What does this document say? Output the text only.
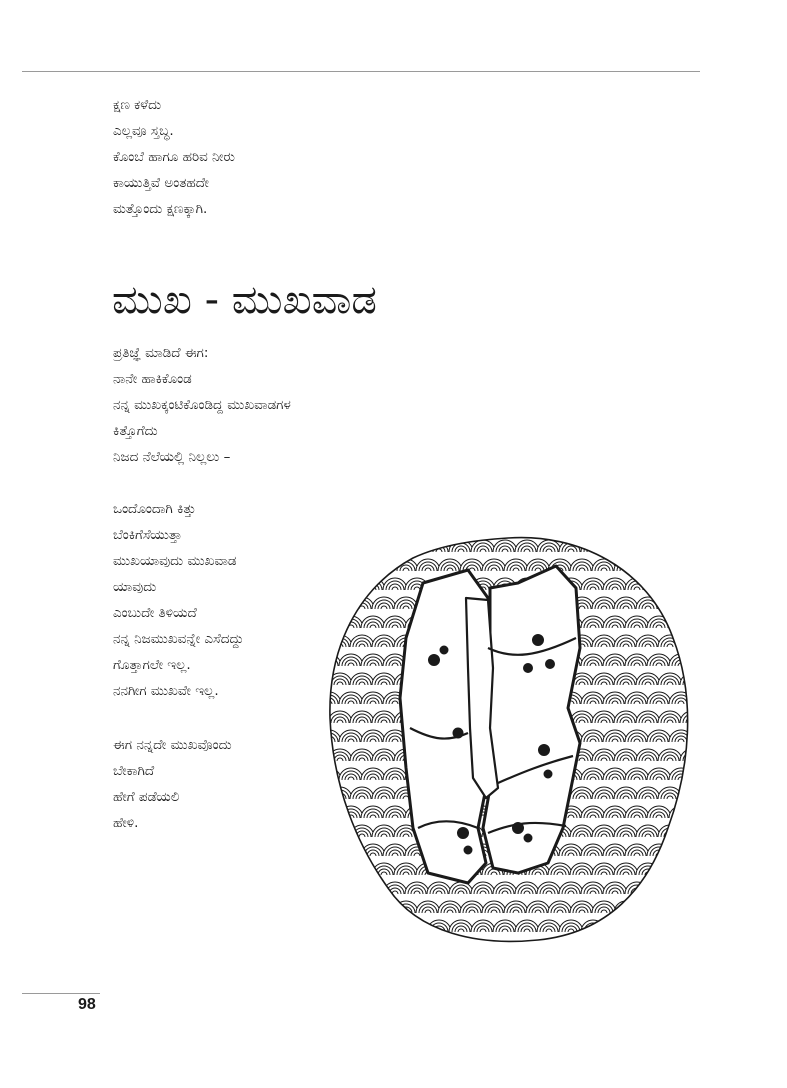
ಕ್ಷಣ ಕಳೆದು
ಎಲ್ಲವೂ ಸ್ತಬ್ಧ.
ಕೊಂಬೆ ಹಾಗೂ ಹರಿವ ನೀರು
ಕಾಯುತ್ತಿವೆ ಅಂತಹದೇ
ಮತ್ತೊಂದು ಕ್ಷಣಕ್ಕಾಗಿ.
ಮುಖ - ಮುಖವಾಡ
ಪ್ರತಿಜ್ಞೆ ಮಾಡಿದೆ ಈಗ:
ನಾನೇ ಹಾಕಿಕೊಂಡ
ನನ್ನ ಮುಖಕ್ಕಂಟಿಕೊಂಡಿದ್ದ ಮುಖವಾಡಗಳ
ಕಿತ್ತೊಗೆದು
ನಿಜದ ನೆಲೆಯಲ್ಲಿ ನಿಲ್ಲಲು –
ಒಂದೊಂದಾಗಿ ಕಿತ್ತು
ಬೆಂಕಿಗೆಸೆಯುತ್ತಾ
ಮುಖಯಾವುದು ಮುಖವಾಡ
ಯಾವುದು
ಎಂಬುದೇ ತಿಳಿಯದೆ
ನನ್ನ ನಿಜಮುಖವನ್ನೇ ಎಸೆದದ್ದು
ಗೊತ್ತಾಗಲೇ ಇಲ್ಲ.
ನನಗೀಗ ಮುಖವೇ ಇಲ್ಲ.
ಈಗ ನನ್ನದೇ ಮುಖವೊಂದು
ಬೇಕಾಗಿದೆ
ಹೇಗೆ ಪಡೆಯಲಿ
ಹೇಳಿ.
98
